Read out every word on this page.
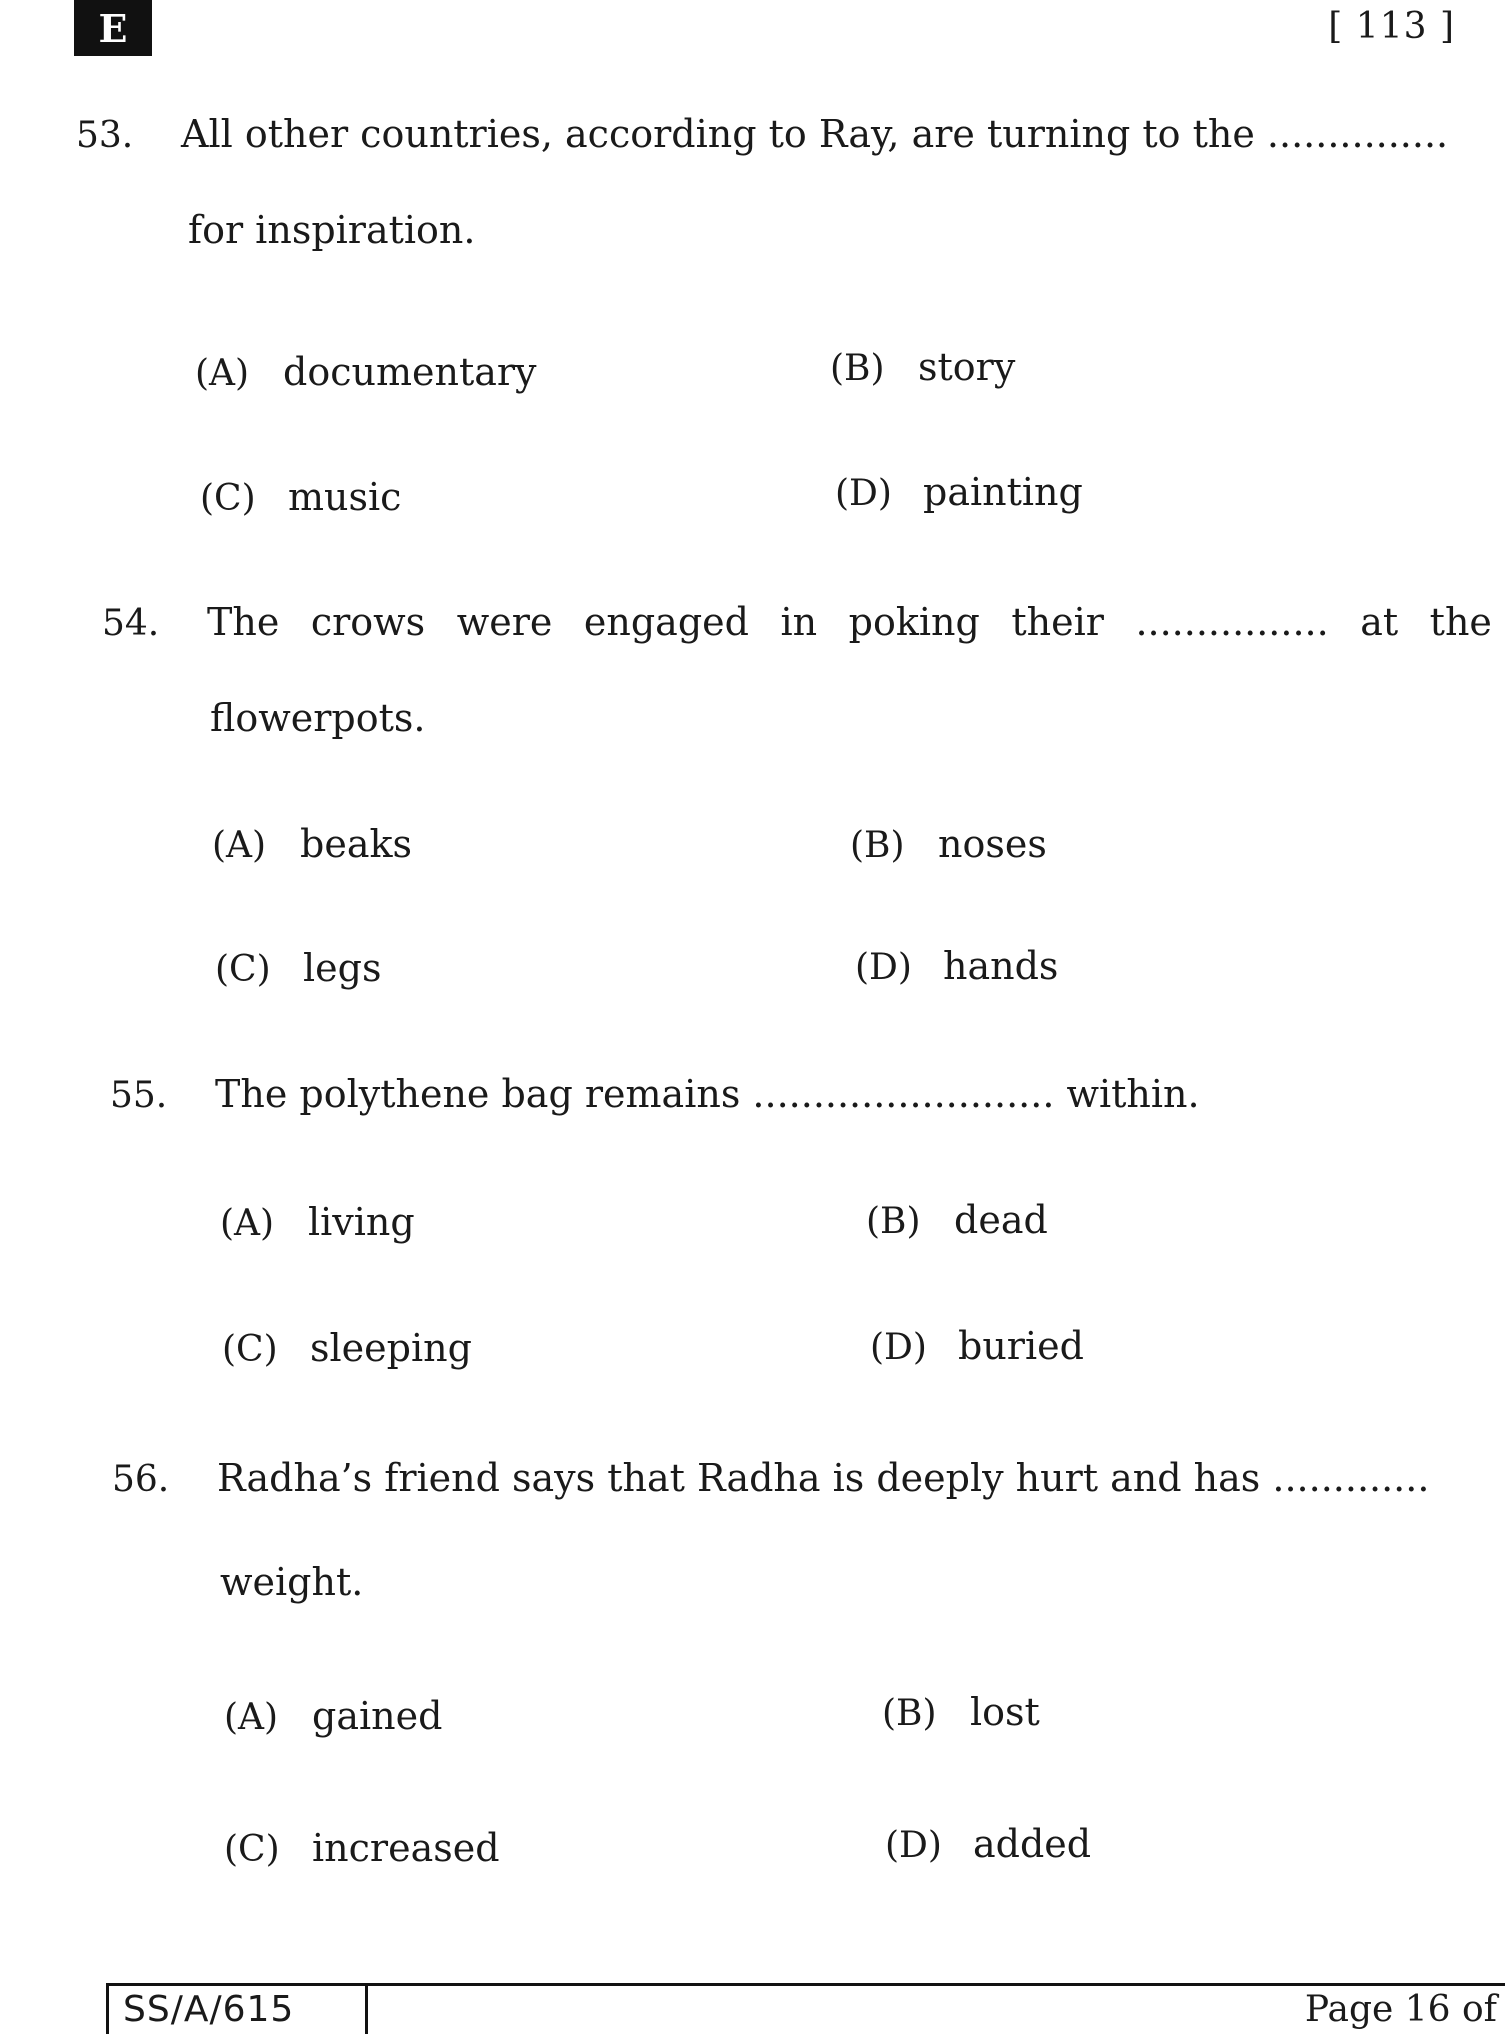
E	[ 113 ]
53.	All other countries, according to Ray, are turning to the ...............
for inspiration.
(A) documentary	(B) story
(C) music	(D) painting
54.	The crows were engaged in poking their ................ at the
flowerpots.
(A) beaks	(B) noses
(C) legs	(D) hands
55.	The polythene bag remains ......................... within.
(A) living	(B) dead
(C) sleeping	(D) buried
56.	Radha’s friend says that Radha is deeply hurt and has .............
weight.
(A) gained	(B) lost
(C) increased	(D) added
SS/A/615	Page 16 of
